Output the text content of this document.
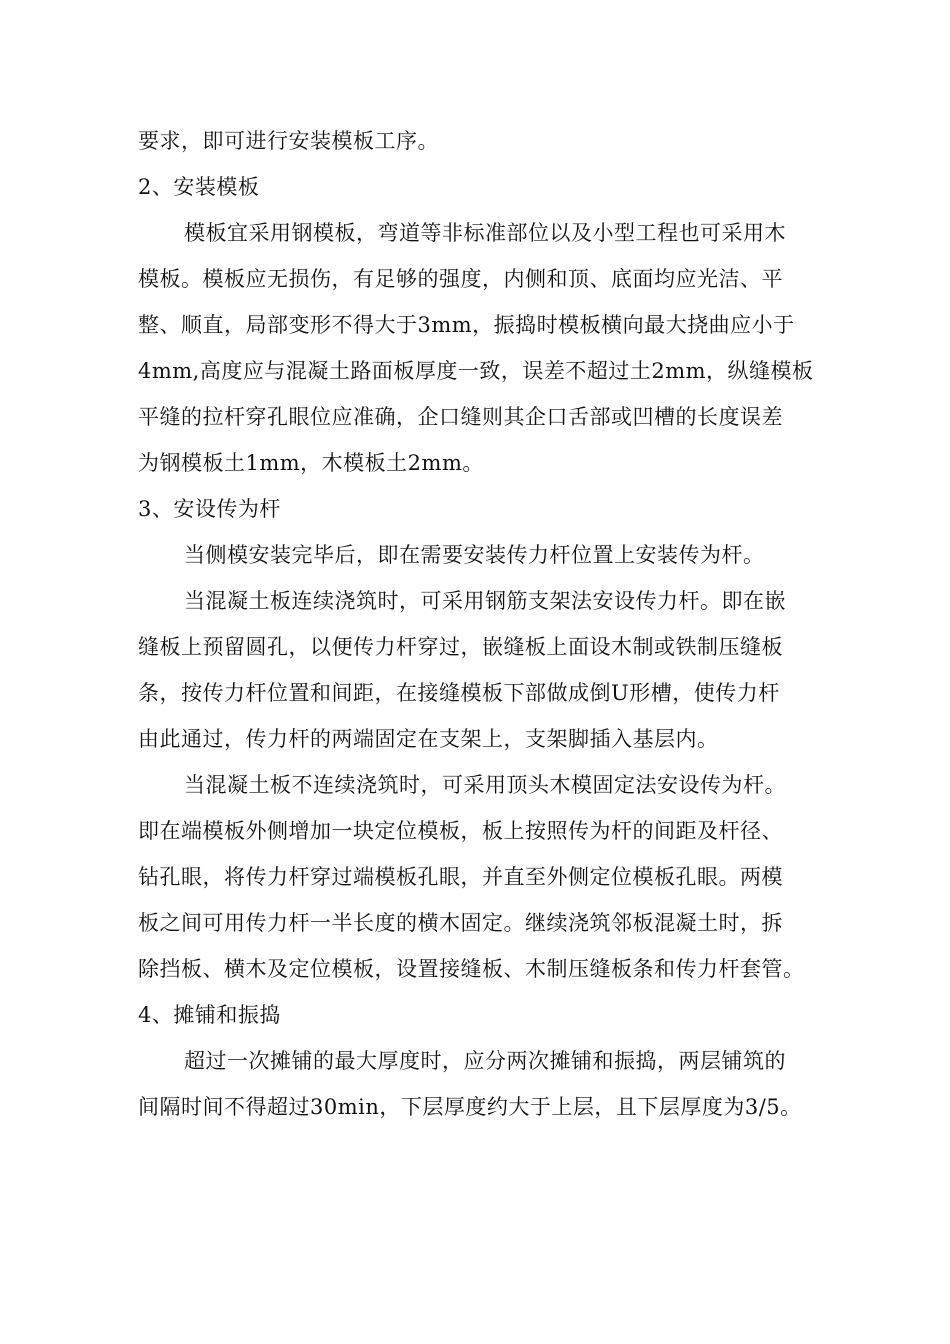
要求，即可进行安装模板工序。
2、安装模板
模板宜采用钢模板，弯道等非标准部位以及小型工程也可采用木
模板。模板应无损伤，有足够的强度，内侧和顶、底面均应光洁、平
整、顺直，局部变形不得大于3mm，振捣时模板横向最大挠曲应小于
4mm,高度应与混凝土路面板厚度一致，误差不超过土2mm，纵缝模板
平缝的拉杆穿孔眼位应准确，企口缝则其企口舌部或凹槽的长度误差
为钢模板土1mm，木模板土2mm。
3、安设传为杆
当侧模安装完毕后，即在需要安装传力杆位置上安装传为杆。
当混凝土板连续浇筑时，可采用钢筋支架法安设传力杆。即在嵌
缝板上预留圆孔，以便传力杆穿过，嵌缝板上面设木制或铁制压缝板
条，按传力杆位置和间距，在接缝模板下部做成倒U形槽，使传力杆
由此通过，传力杆的两端固定在支架上，支架脚插入基层内。
当混凝土板不连续浇筑时，可采用顶头木模固定法安设传为杆。
即在端模板外侧增加一块定位模板，板上按照传为杆的间距及杆径、
钻孔眼，将传力杆穿过端模板孔眼，并直至外侧定位模板孔眼。两模
板之间可用传力杆一半长度的横木固定。继续浇筑邻板混凝土时，拆
除挡板、横木及定位模板，设置接缝板、木制压缝板条和传力杆套管。
4、摊铺和振捣
超过一次摊铺的最大厚度时，应分两次摊铺和振捣，两层铺筑的
间隔时间不得超过30min，下层厚度约大于上层，且下层厚度为3/5。
